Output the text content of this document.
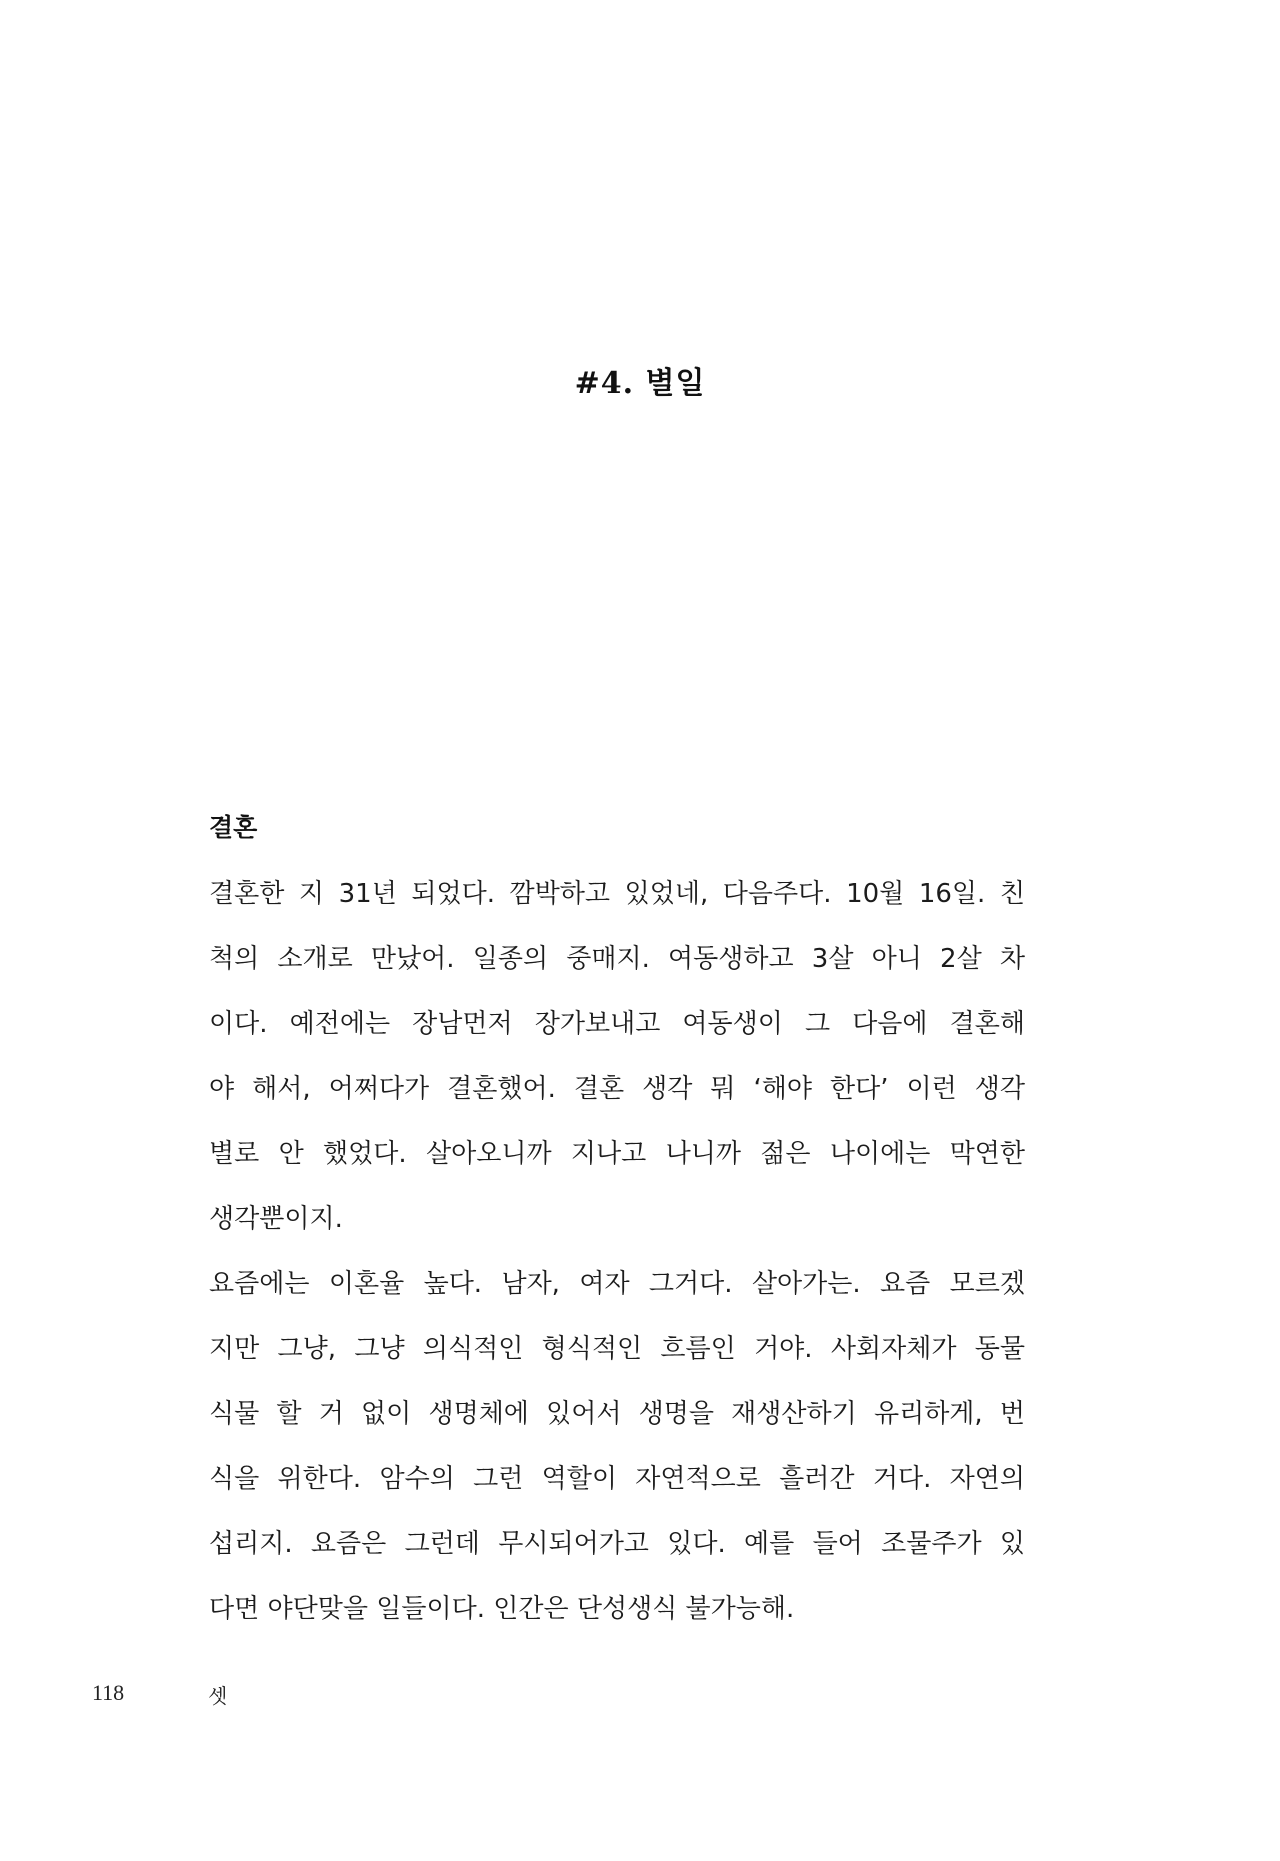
#4. 별일
결혼
결혼한 지 31년 되었다. 깜박하고 있었네, 다음주다. 10월 16일. 친
척의 소개로 만났어. 일종의 중매지. 여동생하고 3살 아니 2살 차
이다. 예전에는 장남먼저 장가보내고 여동생이 그 다음에 결혼해
야 해서, 어쩌다가 결혼했어. 결혼 생각 뭐 ‘해야 한다’ 이런 생각
별로 안 했었다. 살아오니까 지나고 나니까 젊은 나이에는 막연한
생각뿐이지.
요즘에는 이혼율 높다. 남자, 여자 그거다. 살아가는. 요즘 모르겠
지만 그냥, 그냥 의식적인 형식적인 흐름인 거야. 사회자체가 동물
식물 할 거 없이 생명체에 있어서 생명을 재생산하기 유리하게, 번
식을 위한다. 암수의 그런 역할이 자연적으로 흘러간 거다. 자연의
섭리지. 요즘은 그런데 무시되어가고 있다. 예를 들어 조물주가 있
다면 야단맞을 일들이다. 인간은 단성생식 불가능해.
118	셋
